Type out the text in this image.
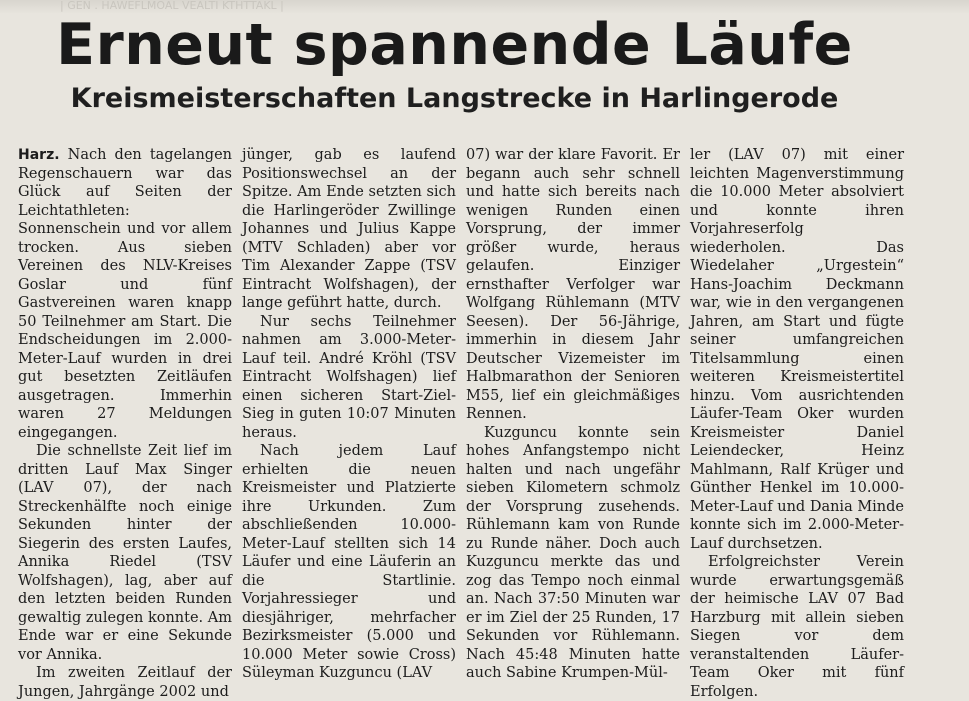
| GEN . HAWEFLMOAL VEALTI KTHTTAKL |
Erneut spannende Läufe
Kreismeisterschaften Langstrecke in Harlingerode

Harz. Nach den tagelangen Regenschauern war das Glück auf Seiten der Leichtathleten: Sonnenschein und vor allem trocken. Aus sieben Vereinen des NLV-Kreises Goslar und fünf Gastvereinen waren knapp 50 Teilnehmer am Start. Die Endscheidungen im 2.000-Meter-Lauf wurden in drei gut besetzten Zeitläufen ausgetragen. Immerhin waren 27 Meldungen eingegangen.

Die schnellste Zeit lief im dritten Lauf Max Singer (LAV 07), der nach Streckenhälfte noch einige Sekunden hinter der Siegerin des ersten Laufes, Annika Riedel (TSV Wolfshagen), lag, aber auf den letzten beiden Runden gewaltig zulegen konnte. Am Ende war er eine Sekunde vor Annika.

Im zweiten Zeitlauf der Jungen, Jahrgänge 2002 und

jünger, gab es laufend Positionswechsel an der Spitze. Am Ende setzten sich die Harlingeröder Zwillinge Johannes und Julius Kappe (MTV Schladen) aber vor Tim Alexander Zappe (TSV Eintracht Wolfshagen), der lange geführt hatte, durch.

Nur sechs Teilnehmer nahmen am 3.000-Meter-Lauf teil. André Kröhl (TSV Eintracht Wolfshagen) lief einen sicheren Start-Ziel-Sieg in guten 10:07 Minuten heraus.

Nach jedem Lauf erhielten die neuen Kreismeister und Platzierte ihre Urkunden. Zum abschließenden 10.000-Meter-Lauf stellten sich 14 Läufer und eine Läuferin an die Startlinie. Vorjahressieger und diesjähriger, mehrfacher Bezirksmeister (5.000 und 10.000 Meter sowie Cross) Süleyman Kuzguncu (LAV

07) war der klare Favorit. Er begann auch sehr schnell und hatte sich bereits nach wenigen Runden einen Vorsprung, der immer größer wurde, heraus gelaufen. Einziger ernsthafter Verfolger war Wolfgang Rühlemann (MTV Seesen). Der 56-Jährige, immerhin in diesem Jahr Deutscher Vizemeister im Halbmarathon der Senioren M55, lief ein gleichmäßiges Rennen.

Kuzguncu konnte sein hohes Anfangstempo nicht halten und nach ungefähr sieben Kilometern schmolz der Vorsprung zusehends. Rühlemann kam von Runde zu Runde näher. Doch auch Kuzguncu merkte das und zog das Tempo noch einmal an. Nach 37:50 Minuten war er im Ziel der 25 Runden, 17 Sekunden vor Rühlemann. Nach 45:48 Minuten hatte auch Sabine Krumpen-Mül-

ler (LAV 07) mit einer leichten Magenverstimmung die 10.000 Meter absolviert und konnte ihren Vorjahreserfolg wiederholen. Das Wiedelaher „Urgestein“ Hans-Joachim Deckmann war, wie in den vergangenen Jahren, am Start und fügte seiner umfangreichen Titelsammlung einen weiteren Kreismeistertitel hinzu. Vom ausrichtenden Läufer-Team Oker wurden Kreismeister Daniel Leiendecker, Heinz Mahlmann, Ralf Krüger und Günther Henkel im 10.000-Meter-Lauf und Dania Minde konnte sich im 2.000-Meter-Lauf durchsetzen.

Erfolgreichster Verein wurde erwartungsgemäß der heimische LAV 07 Bad Harzburg mit allein sieben Siegen vor dem veranstaltenden Läufer-Team Oker mit fünf Erfolgen.
